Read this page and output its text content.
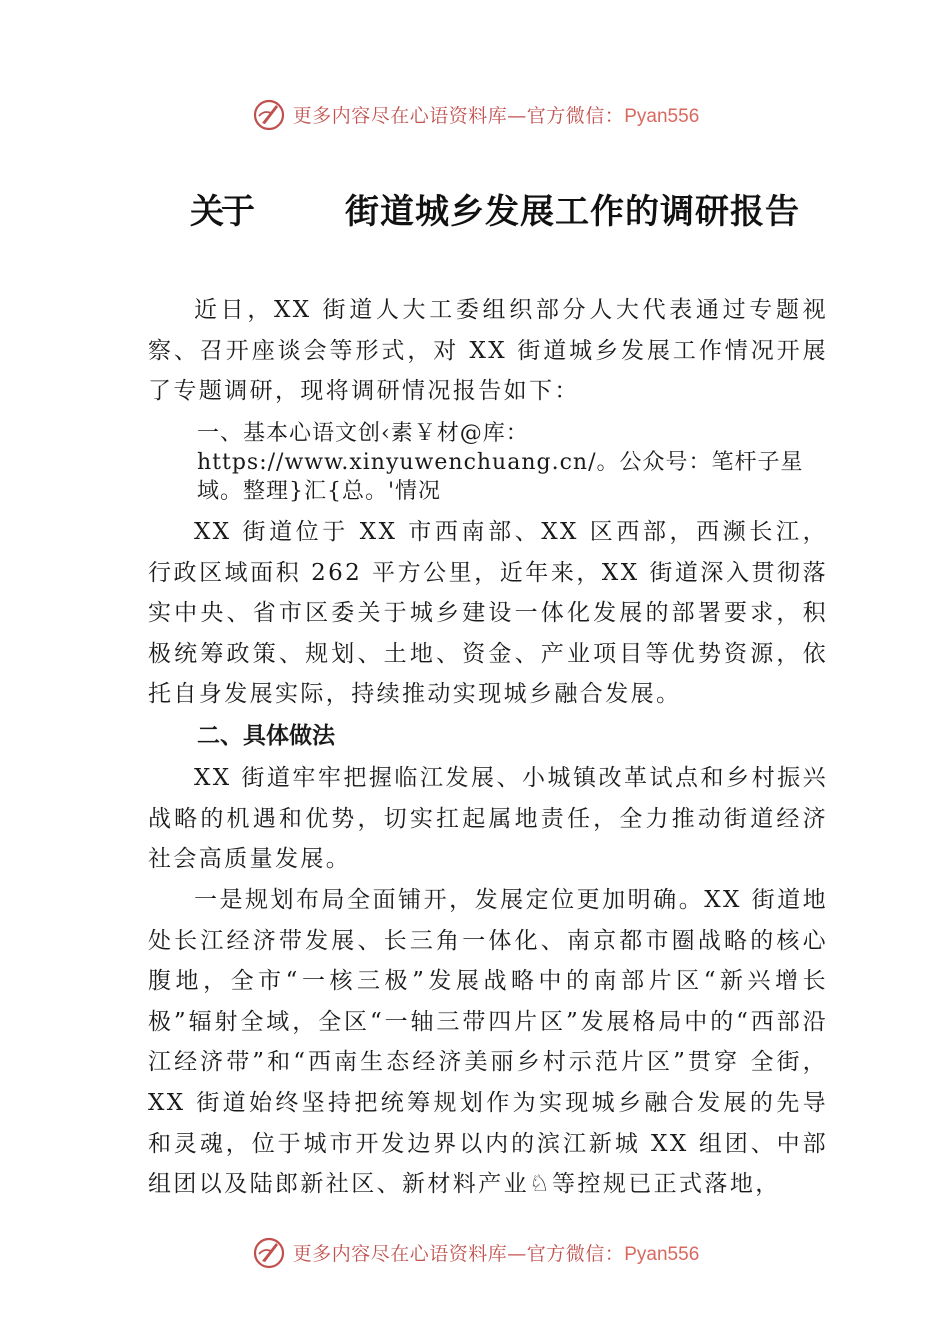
更多内容尽在心语资料库—官方微信：Pyan556
关于	街道城乡发展工作的调研报告
近日，XX 街道人大工委组织部分人大代表通过专题视察、召开座谈会等形式，对 XX 街道城乡发展工作情况开展了专题调研，现将调研情况报告如下：
一、基本心语文创‹素￥材@库：https://www.xinyuwenchuang.cn/。公众号：笔杆子星域。整理}汇{总。'情况
XX 街道位于 XX 市西南部、XX 区西部，西濒长江，行政区域面积 262 平方公里，近年来，XX 街道深入贯彻落实中央、省市区委关于城乡建设一体化发展的部署要求，积极统筹政策、规划、土地、资金、产业项目等优势资源，依托自身发展实际，持续推动实现城乡融合发展。
二、具体做法
XX 街道牢牢把握临江发展、小城镇改革试点和乡村振兴战略的机遇和优势，切实扛起属地责任，全力推动街道经济社会高质量发展。
一是规划布局全面铺开，发展定位更加明确。XX 街道地处长江经济带发展、长三角一体化、南京都市圈战略的核心腹地，全市“一核三极”发展战略中的南部片区“新兴增长极”辐射全域，全区“一轴三带四片区”发展格局中的“西部沿江经济带”和“西南生态经济美丽乡村示范片区”贯穿 全街，XX 街道始终坚持把统筹规划作为实现城乡融合发展的先导和灵魂，位于城市开发边界以内的滨江新城 XX 组团、中部组团以及陆郎新社区、新材料产业♘等控规已正式落地，
更多内容尽在心语资料库—官方微信：Pyan556
